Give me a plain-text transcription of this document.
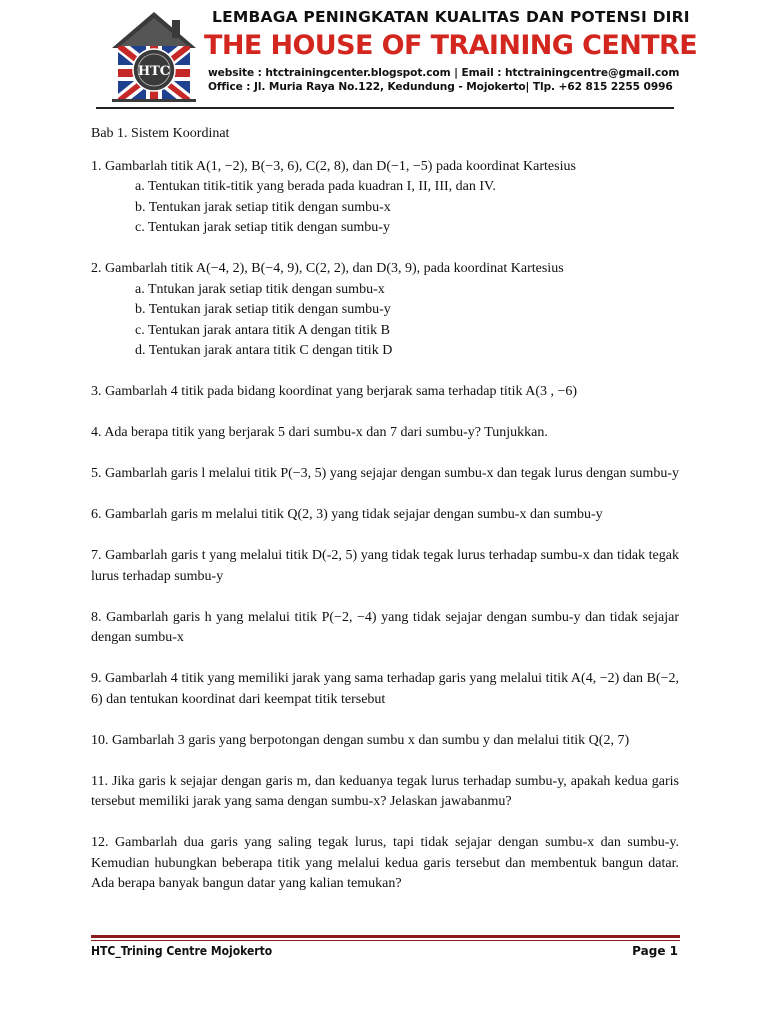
HTC
LEMBAGA PENINGKATAN KUALITAS DAN POTENSI DIRI
THE HOUSE OF TRAINING CENTRE
website : htctrainingcenter.blogspot.com | Email : htctrainingcentre@gmail.com
Office : Jl. Muria Raya No.122, Kedundung - Mojokerto| Tlp. +62 815 2255 0996
Bab 1. Sistem Koordinat
1. Gambarlah titik A(1, −2), B(−3, 6), C(2, 8), dan D(−1, −5) pada koordinat Kartesius
a. Tentukan titik-titik yang berada pada kuadran I, II, III, dan IV.
b. Tentukan jarak setiap titik dengan sumbu-x
c. Tentukan jarak setiap titik dengan sumbu-y
2. Gambarlah titik A(−4, 2), B(−4, 9), C(2, 2), dan D(3, 9), pada koordinat Kartesius
a. Tntukan jarak setiap titik dengan sumbu-x
b. Tentukan jarak setiap titik dengan sumbu-y
c. Tentukan jarak antara titik A dengan titik B
d. Tentukan jarak antara titik C dengan titik D
3. Gambarlah 4 titik pada bidang koordinat yang berjarak sama terhadap titik A(3 , −6)
4. Ada berapa titik yang berjarak 5 dari sumbu-x dan 7 dari sumbu-y? Tunjukkan.
5. Gambarlah garis l melalui titik P(−3, 5) yang sejajar dengan sumbu-x dan tegak lurus dengan sumbu-y
6. Gambarlah garis m melalui titik Q(2, 3) yang tidak sejajar dengan sumbu-x dan sumbu-y
7. Gambarlah garis t yang melalui titik D(-2, 5) yang tidak tegak lurus terhadap sumbu-x dan tidak tegak lurus terhadap sumbu-y
8. Gambarlah garis h yang melalui titik P(−2, −4) yang tidak sejajar dengan sumbu-y dan tidak sejajar dengan sumbu-x
9. Gambarlah 4 titik yang memiliki jarak yang sama terhadap garis yang melalui titik A(4, −2) dan B(−2, 6) dan tentukan koordinat dari keempat titik tersebut
10. Gambarlah 3 garis yang berpotongan dengan sumbu x dan sumbu y dan melalui titik Q(2, 7)
11. Jika garis k sejajar dengan garis m, dan keduanya tegak lurus terhadap sumbu-y, apakah kedua garis tersebut memiliki jarak yang sama dengan sumbu-x? Jelaskan jawabanmu?
12. Gambarlah dua garis yang saling tegak lurus, tapi tidak sejajar dengan sumbu-x dan sumbu-y. Kemudian hubungkan beberapa titik yang melalui kedua garis tersebut dan membentuk bangun datar. Ada berapa banyak bangun datar yang kalian temukan?
HTC_Trining Centre Mojokerto	Page 1
